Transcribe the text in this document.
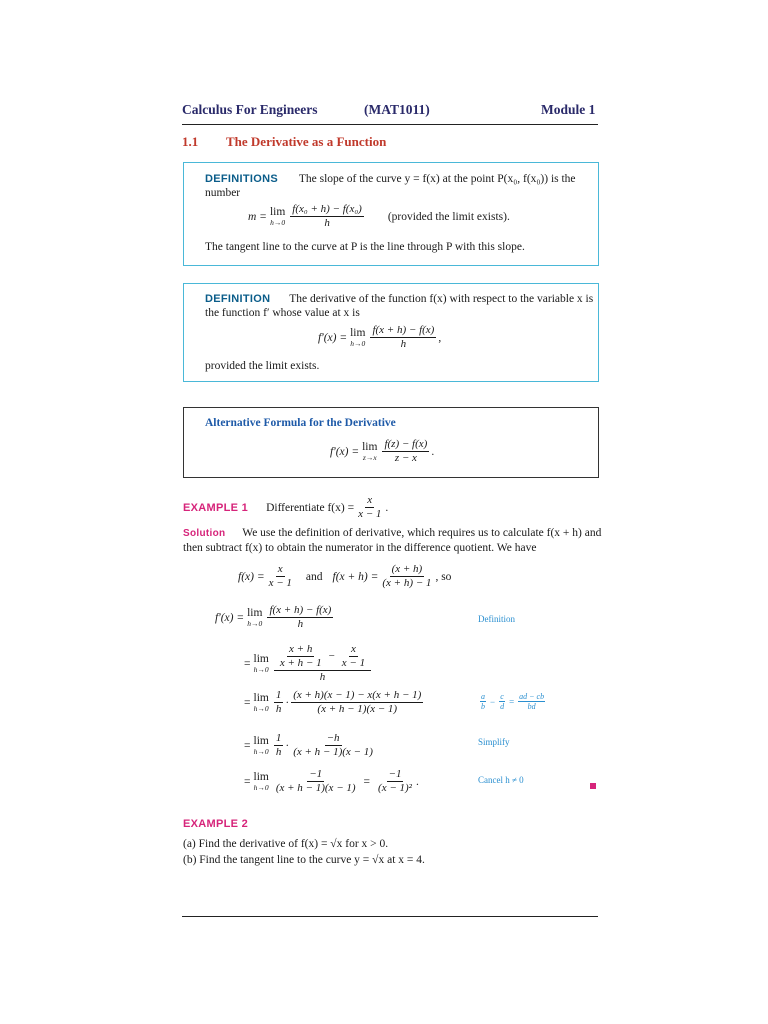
Calculus For Engineers	(MAT1011)	Module 1
1.1 The Derivative as a Function
DEFINITIONS The slope of the curve y = f(x) at the point P(x₀, f(x₀)) is the
number
m = lim
$h\to 0 \frac{\text{f(x₀ + h) − f(x₀)}}{h}$ (provided the limit exists).
The tangent line to the curve at P is the line through P with this slope.
DEFINITION The derivative of the function f(x) with respect to the variable x is
the function f′ whose value at x is
f′(x) = lim
$h\to 0 \frac{f(x + h) - f(x)}{h}$ ,
provided the limit exists.
Alternative Formula for the Derivative
f′(x) = lim
$z\to x \frac{f(z) - f(x)}{z - x}$ .
EXAMPLE 1 Differentiate $f(x) = \frac{x}{x - 1}$ .
Solution We use the definition of derivative, which requires us to calculate f(x + h) and
then subtract f(x) to obtain the numerator in the difference quotient. We have
$f(x) = \frac{x}{x - 1}$ and $f(x + h) = \frac{(x + h)}{(x + h) - 1}$ , so
f′(x) = lim
$h\to 0 \frac{f(x + h) - f(x)}{h}$	Definition
= lim
$h\to 0 \frac{\frac{x + h}{x + h - 1} - \frac{x}{x - 1}}{h}$
= lim
$h\to 0 \frac{1}{h} \cdot \frac{(x + h)(x - 1) - x(x + h - 1)}{(x + h - 1)(x - 1)}$	a
$b - \frac{c}{d} = \frac{ad - cb}{bd}$
= lim
$h\to 0 \frac{1}{h} \cdot \frac{-h}{(x + h - 1)(x - 1)}$	Simplify
= lim
$h\to 0 \frac{-1}{(x + h - 1)(x - 1)} = \frac{-1}{\text{(x − 1)²}}$ .	Cancel h ≠ 0
EXAMPLE 2
(a) Find the derivative of f(x) = √x for x > 0.
(b) Find the tangent line to the curve y = √x at x = 4.
